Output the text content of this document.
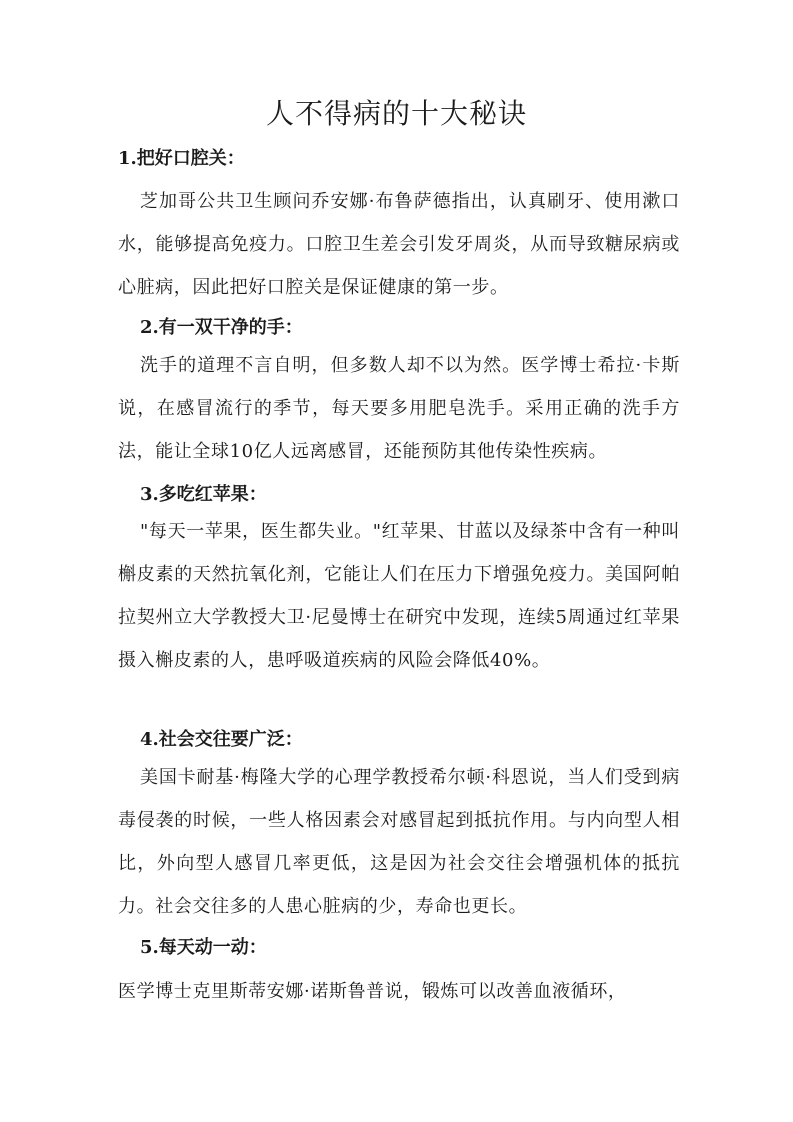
人不得病的十大秘诀
1.把好口腔关：
芝加哥公共卫生顾问乔安娜·布鲁萨德指出，认真刷牙、使用漱口水，能够提高免疫力。口腔卫生差会引发牙周炎，从而导致糖尿病或心脏病，因此把好口腔关是保证健康的第一步。
2.有一双干净的手：
洗手的道理不言自明，但多数人却不以为然。医学博士希拉·卡斯说，在感冒流行的季节，每天要多用肥皂洗手。采用正确的洗手方法，能让全球10亿人远离感冒，还能预防其他传染性疾病。
3.多吃红苹果：
"每天一苹果，医生都失业。"红苹果、甘蓝以及绿茶中含有一种叫槲皮素的天然抗氧化剂，它能让人们在压力下增强免疫力。美国阿帕拉契州立大学教授大卫·尼曼博士在研究中发现，连续5周通过红苹果摄入槲皮素的人，患呼吸道疾病的风险会降低40%。
4.社会交往要广泛：
美国卡耐基·梅隆大学的心理学教授希尔顿·科恩说，当人们受到病毒侵袭的时候，一些人格因素会对感冒起到抵抗作用。与内向型人相比，外向型人感冒几率更低，这是因为社会交往会增强机体的抵抗力。社会交往多的人患心脏病的少，寿命也更长。
5.每天动一动：
医学博士克里斯蒂安娜·诺斯鲁普说，锻炼可以改善血液循环，
